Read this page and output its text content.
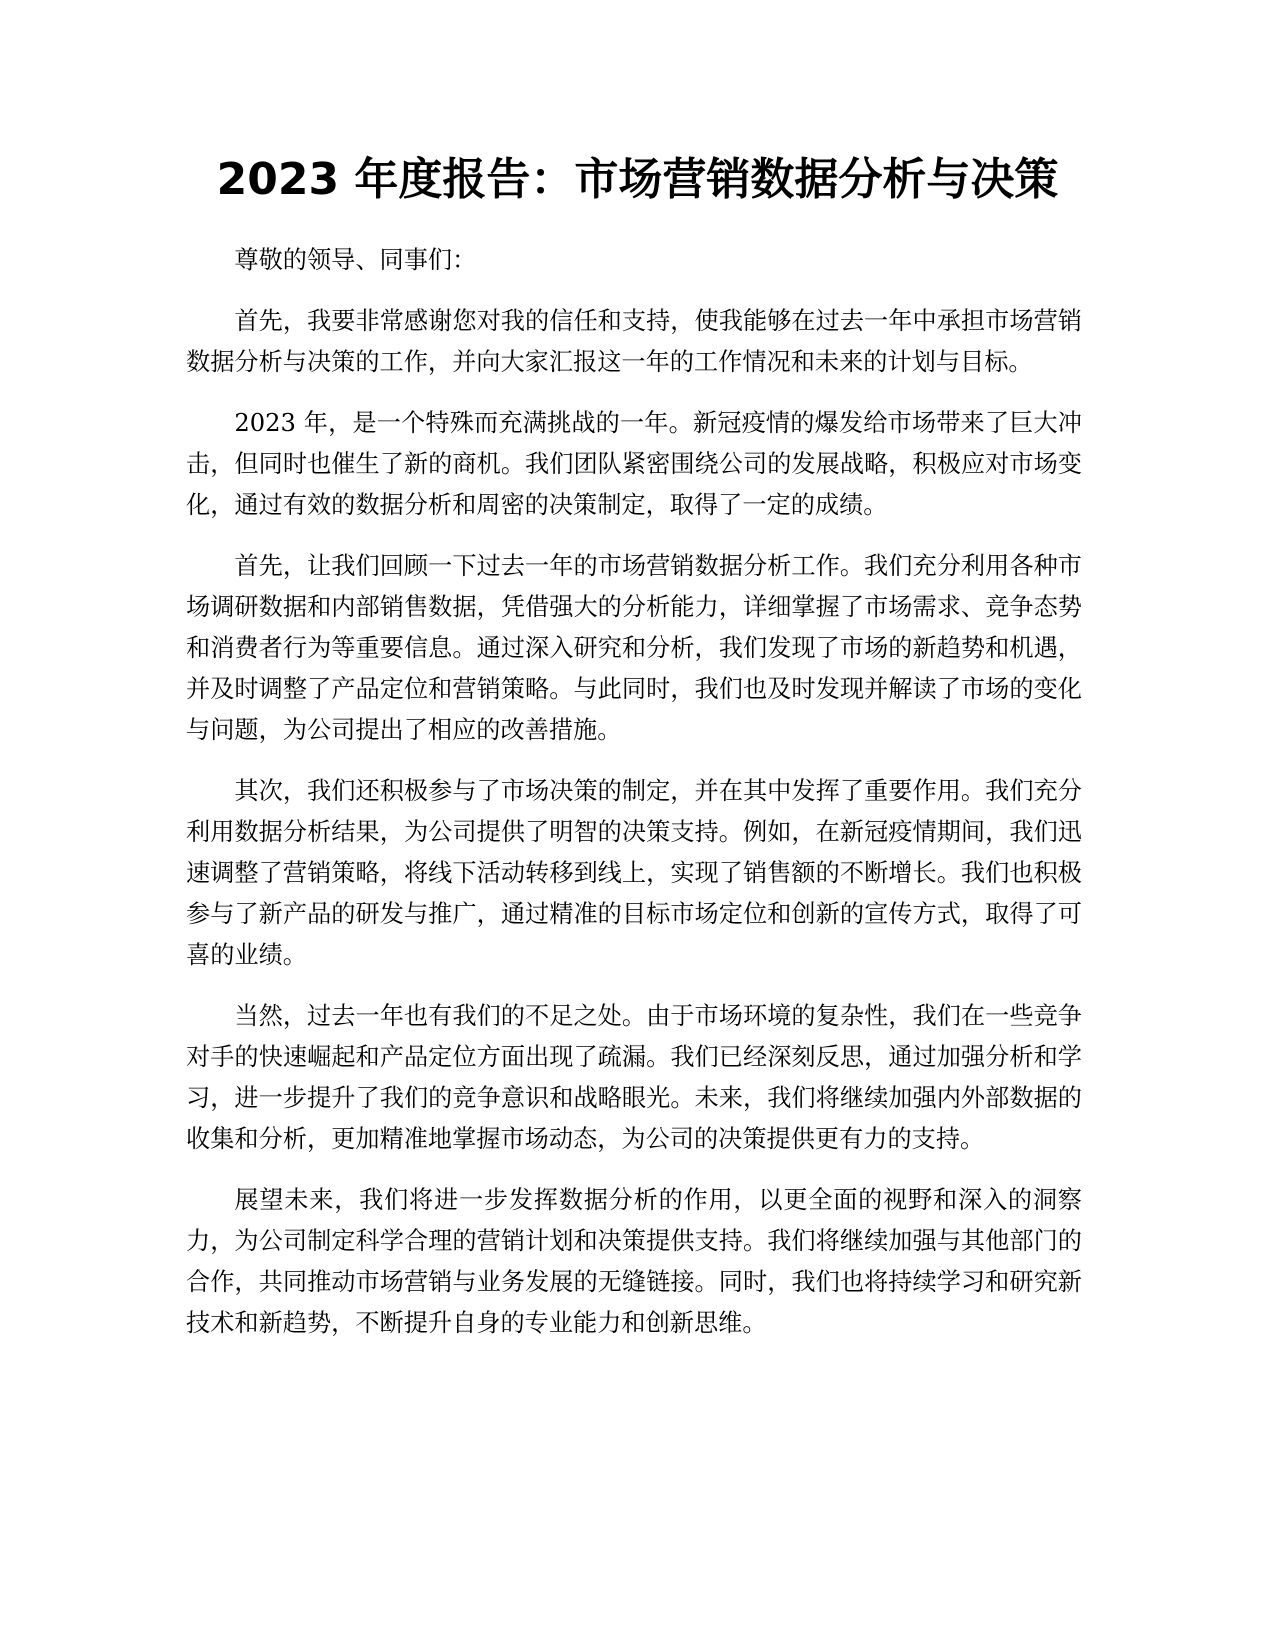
2023 年度报告：市场营销数据分析与决策

尊敬的领导、同事们：

首先，我要非常感谢您对我的信任和支持，使我能够在过去一年中承担市场营销数据分析与决策的工作，并向大家汇报这一年的工作情况和未来的计划与目标。

2023 年，是一个特殊而充满挑战的一年。新冠疫情的爆发给市场带来了巨大冲击，但同时也催生了新的商机。我们团队紧密围绕公司的发展战略，积极应对市场变化，通过有效的数据分析和周密的决策制定，取得了一定的成绩。

首先，让我们回顾一下过去一年的市场营销数据分析工作。我们充分利用各种市场调研数据和内部销售数据，凭借强大的分析能力，详细掌握了市场需求、竞争态势和消费者行为等重要信息。通过深入研究和分析，我们发现了市场的新趋势和机遇，并及时调整了产品定位和营销策略。与此同时，我们也及时发现并解读了市场的变化与问题，为公司提出了相应的改善措施。

其次，我们还积极参与了市场决策的制定，并在其中发挥了重要作用。我们充分利用数据分析结果，为公司提供了明智的决策支持。例如，在新冠疫情期间，我们迅速调整了营销策略，将线下活动转移到线上，实现了销售额的不断增长。我们也积极参与了新产品的研发与推广，通过精准的目标市场定位和创新的宣传方式，取得了可喜的业绩。

当然，过去一年也有我们的不足之处。由于市场环境的复杂性，我们在一些竞争对手的快速崛起和产品定位方面出现了疏漏。我们已经深刻反思，通过加强分析和学习，进一步提升了我们的竞争意识和战略眼光。未来，我们将继续加强内外部数据的收集和分析，更加精准地掌握市场动态，为公司的决策提供更有力的支持。

展望未来，我们将进一步发挥数据分析的作用，以更全面的视野和深入的洞察力，为公司制定科学合理的营销计划和决策提供支持。我们将继续加强与其他部门的合作，共同推动市场营销与业务发展的无缝链接。同时，我们也将持续学习和研究新技术和新趋势，不断提升自身的专业能力和创新思维。
